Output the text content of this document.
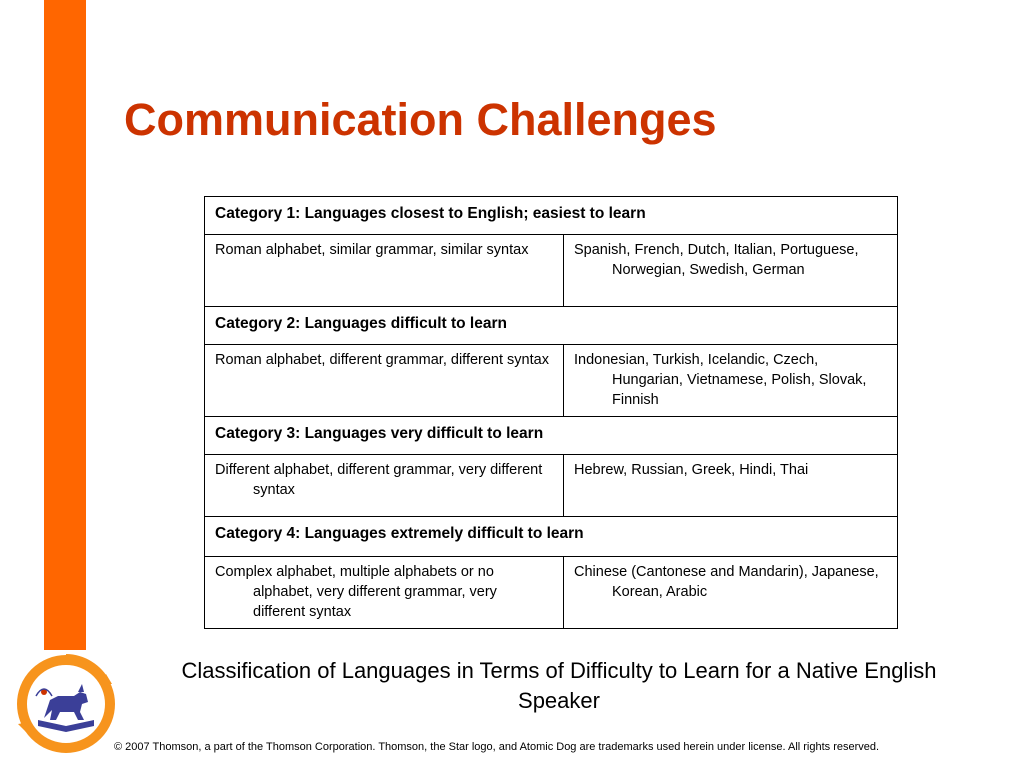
Communication Challenges
Category 1: Languages closest to English; easiest to learn	

Roman alphabet, similar grammar, similar syntax	Spanish, French, Dutch, Italian, Portuguese, Norwegian, Swedish, German

Category 2: Languages difficult to learn	

Roman alphabet, different grammar, different syntax	Indonesian, Turkish, Icelandic, Czech, Hungarian, Vietnamese, Polish, Slovak, Finnish

Category 3: Languages very difficult to learn	

Different alphabet, different grammar, very different syntax	Hebrew, Russian, Greek, Hindi, Thai

Category 4: Languages extremely difficult to learn	

Complex alphabet, multiple alphabets or no alphabet, very different grammar, very different syntax	Chinese (Cantonese and Mandarin), Japanese, Korean, Arabic

Classification of Languages in Terms of Difficulty to Learn for a Native English Speaker

© 2007 Thomson, a part of the Thomson Corporation. Thomson, the Star logo, and Atomic Dog are trademarks used herein under license. All rights reserved.
